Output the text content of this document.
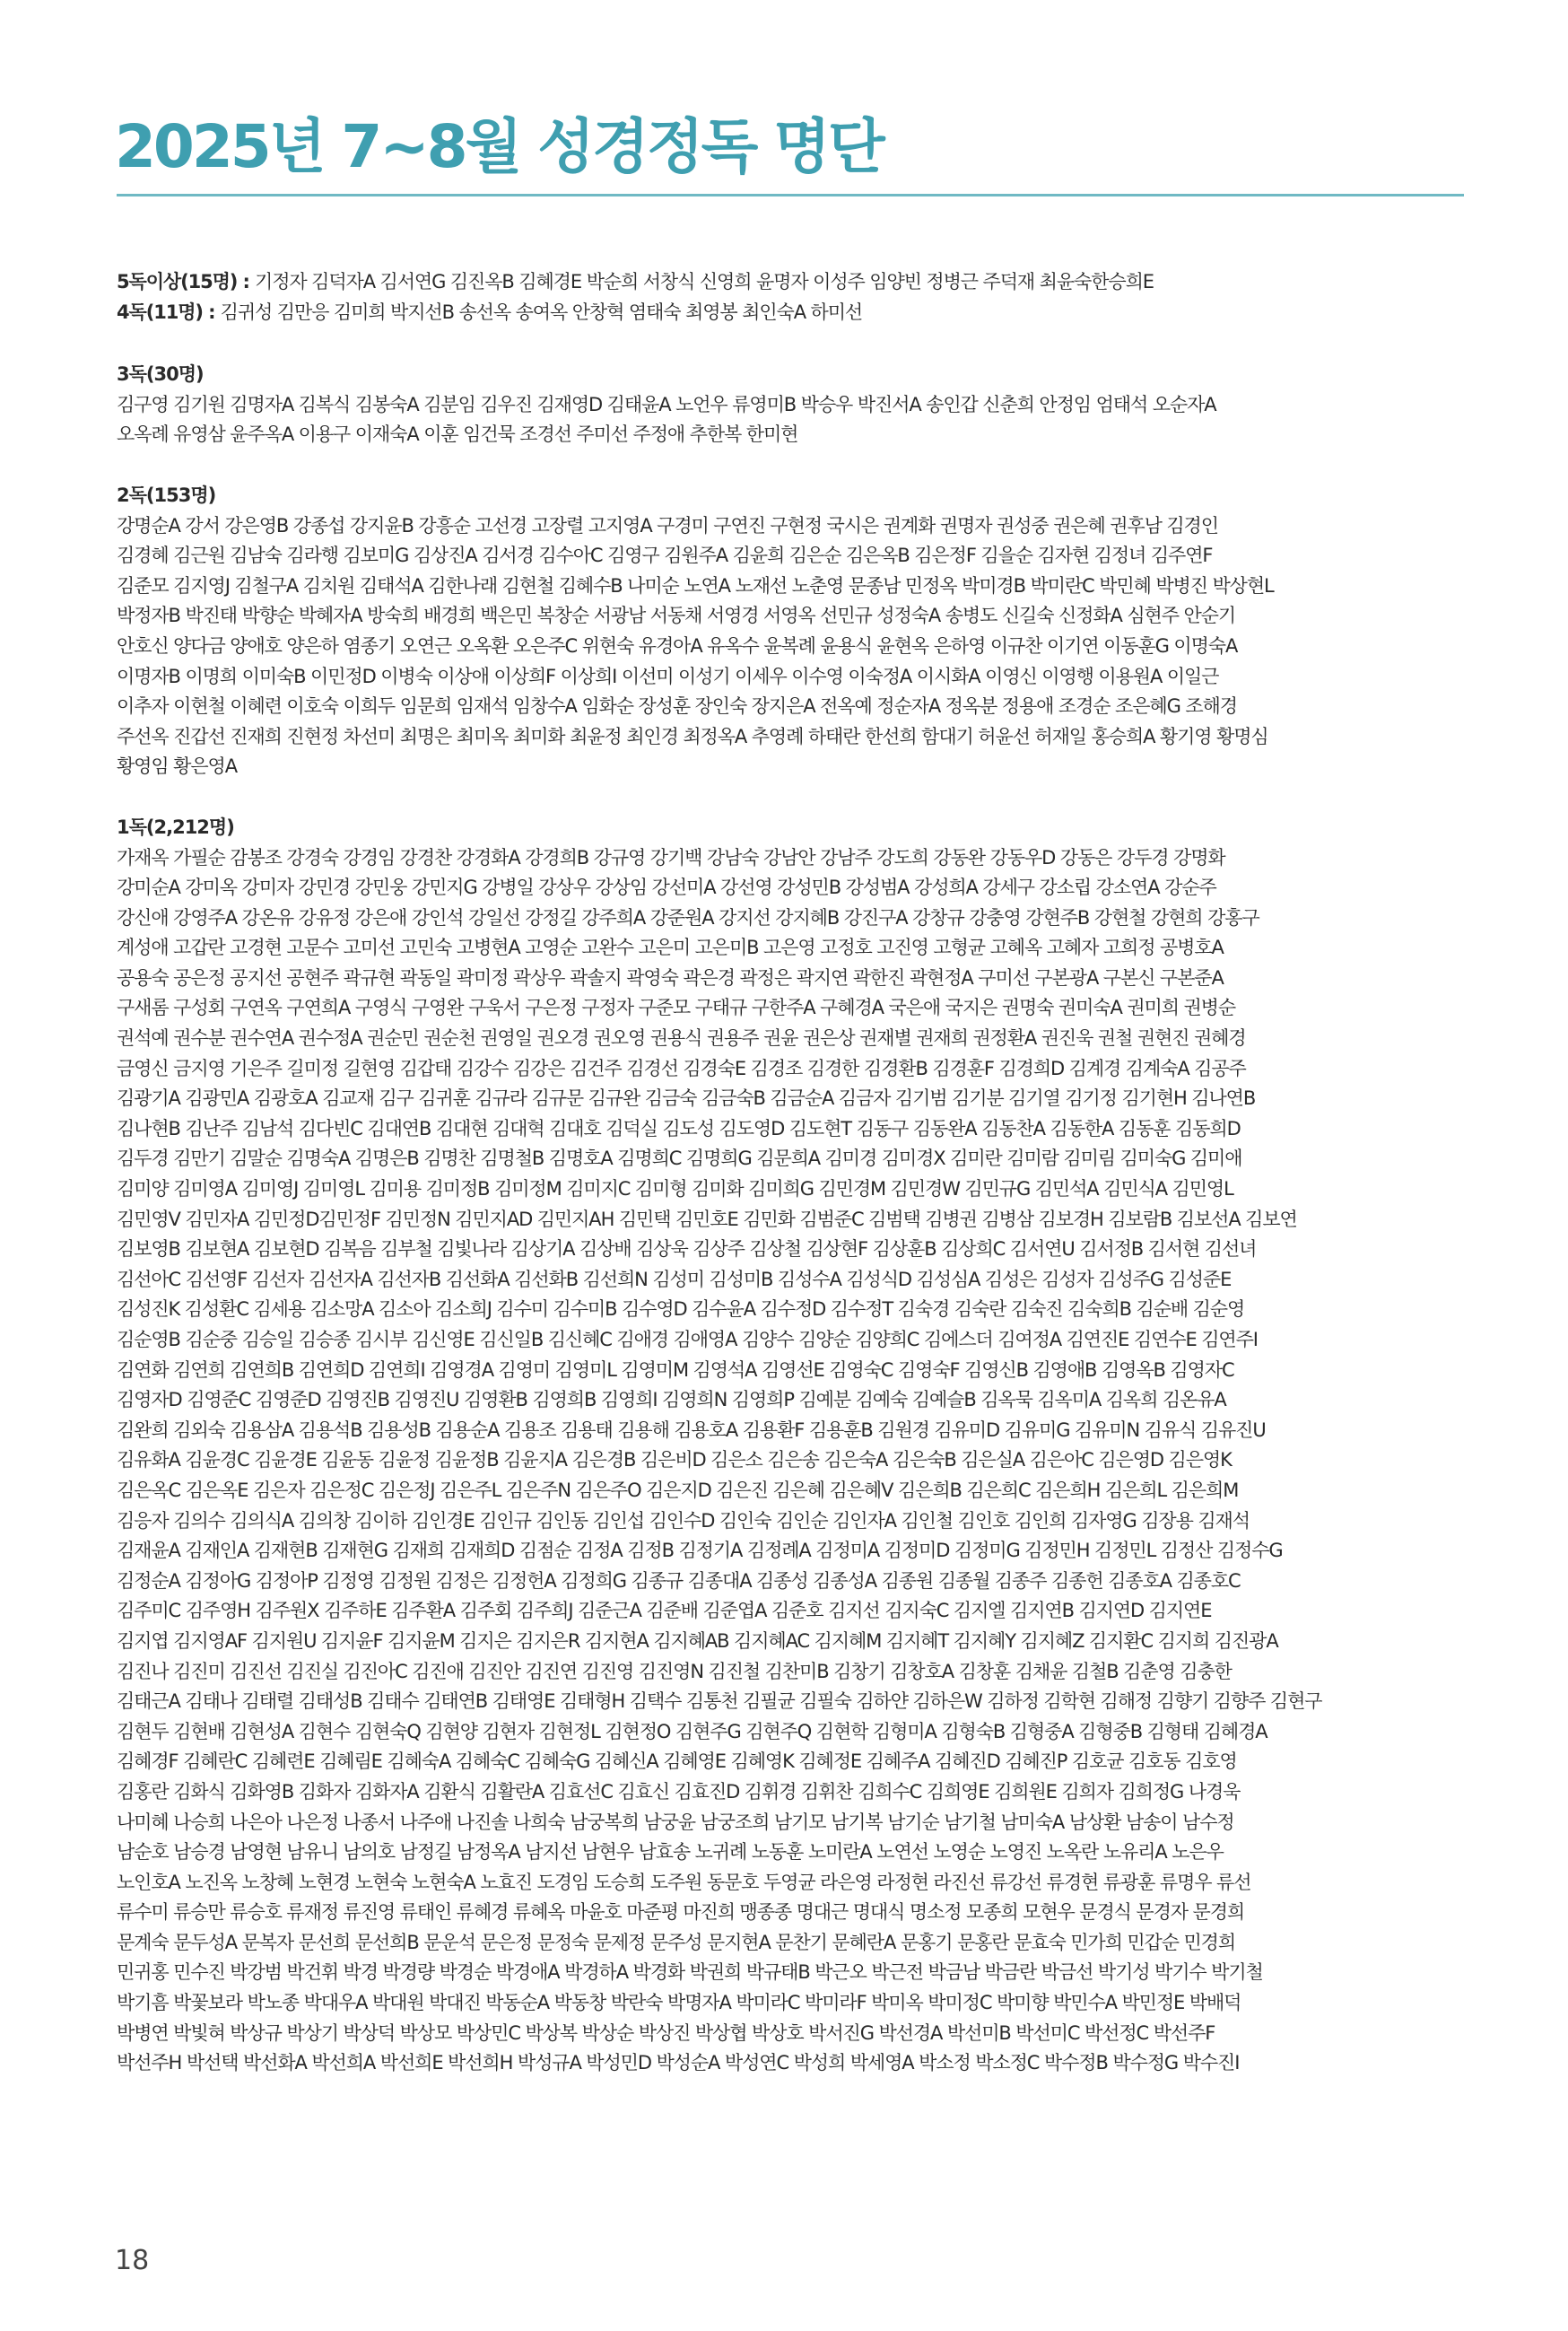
2025년 7~8월 성경정독 명단

5독이상(15명) : 기정자 김덕자A 김서연G 김진옥B 김혜경E 박순희 서창식 신영희 윤명자 이성주 임양빈 정병근 주덕재 최윤숙한승희E

4독(11명) : 김귀성 김만응 김미희 박지선B 송선옥 송여옥 안창혁 염태숙 최영봉 최인숙A 하미선

3독(30명)

김구영 김기원 김명자A 김복식 김봉숙A 김분임 김우진 김재영D 김태윤A 노언우 류영미B 박승우 박진서A 송인갑 신춘희 안정임 엄태석 오순자A

오옥례 유영삼 윤주옥A 이용구 이재숙A 이훈 임건묵 조경선 주미선 주정애 추한복 한미현

2독(153명)

강명순A 강서 강은영B 강종섭 강지윤B 강흥순 고선경 고장렬 고지영A 구경미 구연진 구현정 국시은 권계화 권명자 권성중 권은혜 권후남 김경인

김경혜 김근원 김남숙 김라행 김보미G 김상진A 김서경 김수아C 김영구 김원주A 김윤희 김은순 김은옥B 김은정F 김을순 김자현 김정녀 김주연F

김준모 김지영J 김철구A 김치원 김태석A 김한나래 김현철 김혜수B 나미순 노연A 노재선 노춘영 문종남 민정옥 박미경B 박미란C 박민혜 박병진 박상현L

박정자B 박진태 박향순 박혜자A 방숙희 배경희 백은민 복창순 서광남 서동채 서영경 서영옥 선민규 성정숙A 송병도 신길숙 신정화A 심현주 안순기

안호신 양다금 양애호 양은하 염종기 오연근 오옥환 오은주C 위현숙 유경아A 유옥수 윤복례 윤용식 윤현옥 은하영 이규찬 이기연 이동훈G 이명숙A

이명자B 이명희 이미숙B 이민정D 이병숙 이상애 이상희F 이상희I 이선미 이성기 이세우 이수영 이숙정A 이시화A 이영신 이영행 이용원A 이일근

이추자 이현철 이혜련 이호숙 이희두 임문희 임재석 임창수A 임화순 장성훈 장인숙 장지은A 전옥예 정순자A 정옥분 정용애 조경순 조은혜G 조해경

주선옥 진갑선 진재희 진현정 차선미 최명은 최미옥 최미화 최윤정 최인경 최정옥A 추영례 하태란 한선희 함대기 허윤선 허재일 홍승희A 황기영 황명심

황영임 황은영A

1독(2,212명)

가재옥 가필순 감봉조 강경숙 강경임 강경찬 강경화A 강경희B 강규영 강기백 강남숙 강남안 강남주 강도희 강동완 강동우D 강동은 강두경 강명화

강미순A 강미옥 강미자 강민경 강민웅 강민지G 강병일 강상우 강상임 강선미A 강선영 강성민B 강성범A 강성희A 강세구 강소립 강소연A 강순주

강신애 강영주A 강온유 강유정 강은애 강인석 강일선 강정길 강주희A 강준원A 강지선 강지혜B 강진구A 강창규 강충영 강현주B 강현철 강현희 강홍구

계성애 고갑란 고경현 고문수 고미선 고민숙 고병현A 고영순 고완수 고은미 고은미B 고은영 고정호 고진영 고형균 고혜옥 고혜자 고희정 공병호A

공용숙 공은정 공지선 공현주 곽규현 곽동일 곽미정 곽상우 곽솔지 곽영숙 곽은경 곽정은 곽지연 곽한진 곽현정A 구미선 구본광A 구본신 구본준A

구새롬 구성회 구연옥 구연희A 구영식 구영완 구욱서 구은정 구정자 구준모 구태규 구한주A 구혜경A 국은애 국지은 권명숙 권미숙A 권미희 권병순

권석예 권수분 권수연A 권수정A 권순민 권순천 권영일 권오경 권오영 권용식 권용주 권윤 권은상 권재별 권재희 권정환A 권진욱 권철 권현진 권혜경

금영신 금지영 기은주 길미정 길현영 김갑태 김강수 김강은 김건주 김경선 김경숙E 김경조 김경한 김경환B 김경훈F 김경희D 김계경 김계숙A 김공주

김광기A 김광민A 김광호A 김교재 김구 김귀훈 김규라 김규문 김규완 김금숙 김금숙B 김금순A 김금자 김기범 김기분 김기열 김기정 김기현H 김나연B

김나현B 김난주 김남석 김다빈C 김대연B 김대현 김대혁 김대호 김덕실 김도성 김도영D 김도현T 김동구 김동완A 김동찬A 김동한A 김동훈 김동희D

김두경 김만기 김말순 김명숙A 김명은B 김명찬 김명철B 김명호A 김명희C 김명희G 김문희A 김미경 김미경X 김미란 김미람 김미림 김미숙G 김미애

김미양 김미영A 김미영J 김미영L 김미용 김미정B 김미정M 김미지C 김미형 김미화 김미희G 김민경M 김민경W 김민규G 김민석A 김민식A 김민영L

김민영V 김민자A 김민정D김민정F 김민정N 김민지AD 김민지AH 김민택 김민호E 김민화 김범준C 김범택 김병권 김병삼 김보경H 김보람B 김보선A 김보연

김보영B 김보현A 김보현D 김복음 김부철 김빛나라 김상기A 김상배 김상욱 김상주 김상철 김상현F 김상훈B 김상희C 김서연U 김서정B 김서현 김선녀

김선아C 김선영F 김선자 김선자A 김선자B 김선화A 김선화B 김선희N 김성미 김성미B 김성수A 김성식D 김성심A 김성은 김성자 김성주G 김성준E

김성진K 김성환C 김세용 김소망A 김소아 김소희J 김수미 김수미B 김수영D 김수윤A 김수정D 김수정T 김숙경 김숙란 김숙진 김숙희B 김순배 김순영

김순영B 김순중 김승일 김승종 김시부 김신영E 김신일B 김신혜C 김애경 김애영A 김양수 김양순 김양희C 김에스더 김여정A 김연진E 김연수E 김연주I

김연화 김연희 김연희B 김연희D 김연희I 김영경A 김영미 김영미L 김영미M 김영석A 김영선E 김영숙C 김영숙F 김영신B 김영애B 김영옥B 김영자C

김영자D 김영준C 김영준D 김영진B 김영진U 김영환B 김영희B 김영희I 김영희N 김영희P 김예분 김예숙 김예슬B 김옥묵 김옥미A 김옥희 김온유A

김완희 김외숙 김용삼A 김용석B 김용성B 김용순A 김용조 김용태 김용해 김용호A 김용환F 김용훈B 김원경 김유미D 김유미G 김유미N 김유식 김유진U

김유화A 김윤경C 김윤경E 김윤동 김윤정 김윤정B 김윤지A 김은경B 김은비D 김은소 김은송 김은숙A 김은숙B 김은실A 김은아C 김은영D 김은영K

김은옥C 김은옥E 김은자 김은정C 김은정J 김은주L 김은주N 김은주O 김은지D 김은진 김은혜 김은혜V 김은희B 김은희C 김은희H 김은희L 김은희M

김응자 김의수 김의식A 김의창 김이하 김인경E 김인규 김인동 김인섭 김인수D 김인숙 김인순 김인자A 김인철 김인호 김인희 김자영G 김장용 김재석

김재윤A 김재인A 김재현B 김재현G 김재희 김재희D 김점순 김정A 김정B 김정기A 김정례A 김정미A 김정미D 김정미G 김정민H 김정민L 김정산 김정수G

김정순A 김정아G 김정아P 김정영 김정원 김정은 김정헌A 김정희G 김종규 김종대A 김종성 김종성A 김종원 김종월 김종주 김종헌 김종호A 김종호C

김주미C 김주영H 김주원X 김주하E 김주환A 김주회 김주희J 김준근A 김준배 김준엽A 김준호 김지선 김지숙C 김지엘 김지연B 김지연D 김지연E

김지엽 김지영AF 김지원U 김지윤F 김지윤M 김지은 김지은R 김지현A 김지혜AB 김지혜AC 김지혜M 김지혜T 김지혜Y 김지혜Z 김지환C 김지희 김진광A

김진나 김진미 김진선 김진실 김진아C 김진애 김진안 김진연 김진영 김진영N 김진철 김찬미B 김창기 김창호A 김창훈 김채윤 김철B 김춘영 김충한

김태근A 김태나 김태렬 김태성B 김태수 김태연B 김태영E 김태형H 김택수 김통천 김필균 김필숙 김하얀 김하은W 김하정 김학현 김해정 김향기 김향주 김현구

김현두 김현배 김현성A 김현수 김현숙Q 김현양 김현자 김현정L 김현정O 김현주G 김현주Q 김현학 김형미A 김형숙B 김형중A 김형중B 김형태 김혜경A

김혜경F 김혜란C 김혜련E 김혜림E 김혜숙A 김혜숙C 김혜숙G 김혜신A 김혜영E 김혜영K 김혜정E 김혜주A 김혜진D 김혜진P 김호균 김호동 김호영

김홍란 김화식 김화영B 김화자 김화자A 김환식 김활란A 김효선C 김효신 김효진D 김휘경 김휘찬 김희수C 김희영E 김희원E 김희자 김희정G 나경욱

나미혜 나승희 나은아 나은정 나종서 나주애 나진솔 나희숙 남궁복희 남궁윤 남궁조희 남기모 남기복 남기순 남기철 남미숙A 남상환 남송이 남수정

남순호 남승경 남영현 남유니 남의호 남정길 남정옥A 남지선 남현우 남효송 노귀례 노동훈 노미란A 노연선 노영순 노영진 노옥란 노유리A 노은우

노인호A 노진옥 노창혜 노현경 노현숙 노현숙A 노효진 도경임 도승희 도주원 동문호 두영균 라은영 라정현 라진선 류강선 류경현 류광훈 류명우 류선

류수미 류승만 류승호 류재정 류진영 류태인 류혜경 류혜옥 마윤호 마준평 마진희 맹종종 명대근 명대식 명소정 모종희 모현우 문경식 문경자 문경희

문계숙 문두성A 문복자 문선희 문선희B 문운석 문은정 문정숙 문제정 문주성 문지현A 문찬기 문혜란A 문홍기 문홍란 문효숙 민가희 민갑순 민경희

민귀홍 민수진 박강범 박건휘 박경 박경량 박경순 박경애A 박경하A 박경화 박권희 박규태B 박근오 박근전 박금남 박금란 박금선 박기성 박기수 박기철

박기흠 박꽃보라 박노종 박대우A 박대원 박대진 박동순A 박동창 박란숙 박명자A 박미라C 박미라F 박미옥 박미정C 박미향 박민수A 박민정E 박배덕

박병연 박빛혀 박상규 박상기 박상덕 박상모 박상민C 박상복 박상순 박상진 박상협 박상호 박서진G 박선경A 박선미B 박선미C 박선정C 박선주F

박선주H 박선택 박선화A 박선희A 박선희E 박선희H 박성규A 박성민D 박성순A 박성연C 박성희 박세영A 박소정 박소정C 박수정B 박수정G 박수진I

18
